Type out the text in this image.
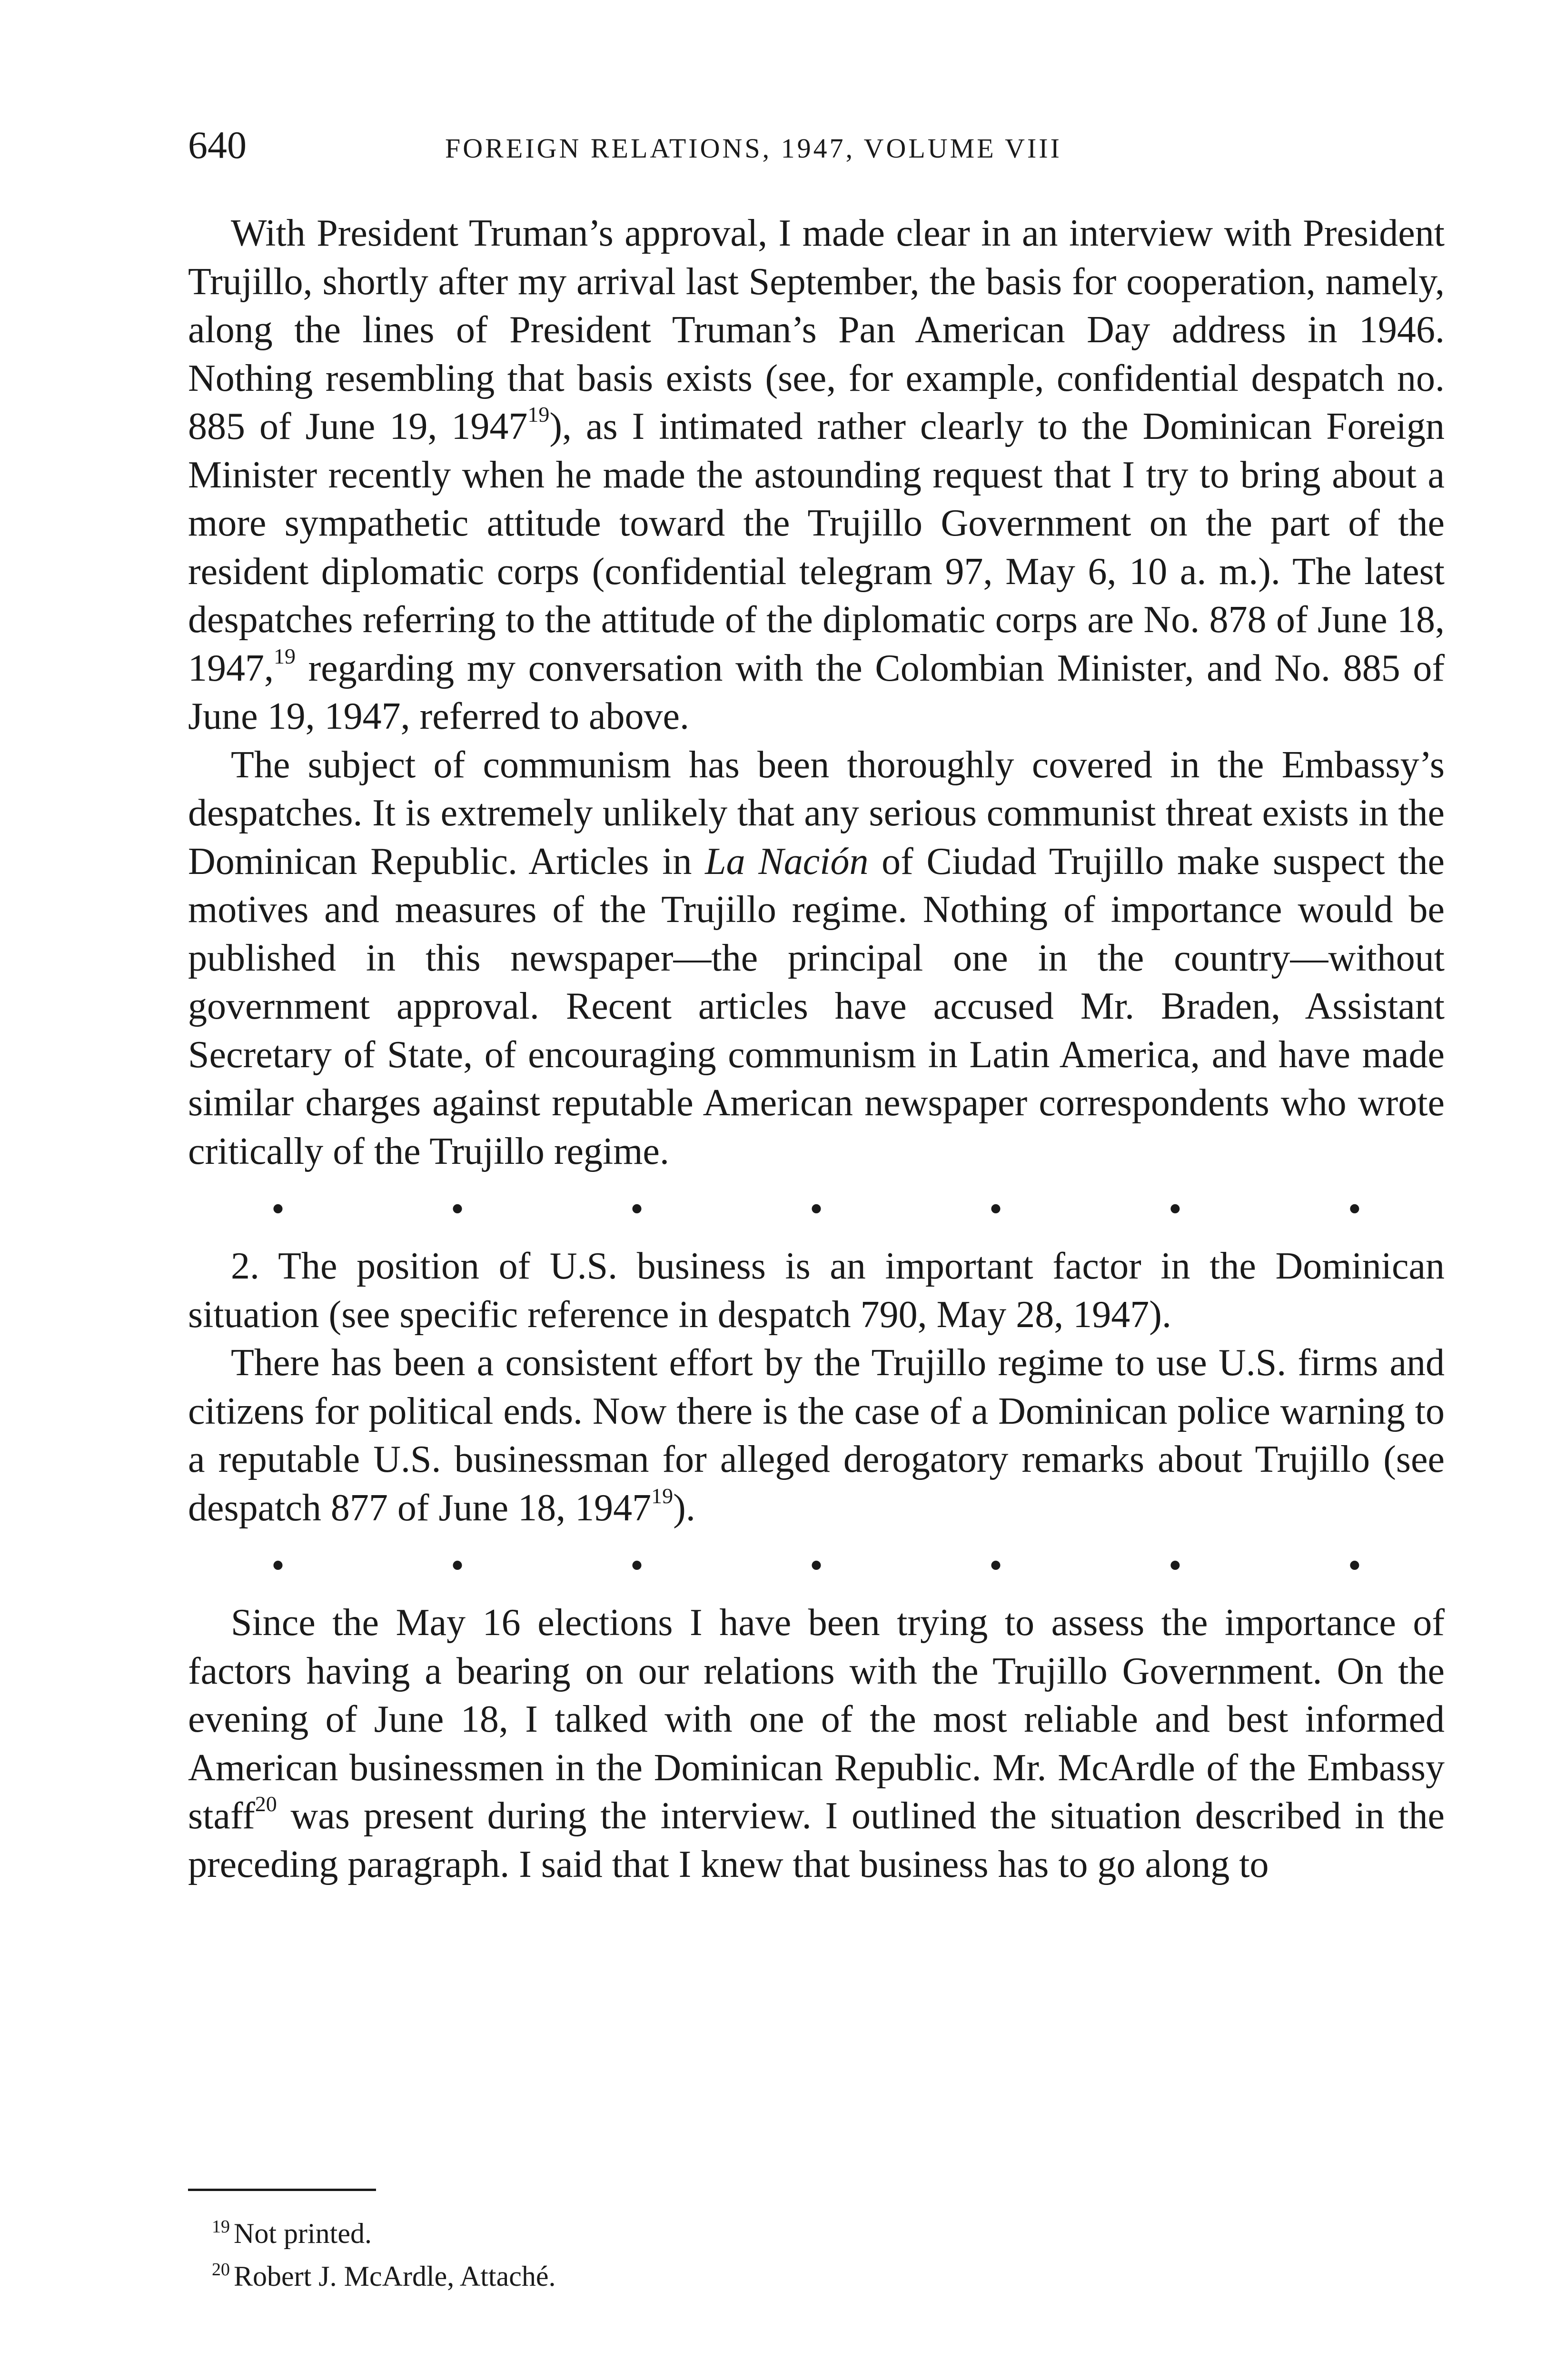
640	FOREIGN RELATIONS, 1947, VOLUME VIII

With President Truman’s approval, I made clear in an interview with President Trujillo, shortly after my arrival last September, the basis for cooperation, namely, along the lines of President Truman’s Pan American Day address in 1946. Nothing resembling that basis exists (see, for example, confidential despatch no. 885 of June 19, 1947$^{19}$), as I intimated rather clearly to the Dominican Foreign Minister recently when he made the astounding request that I try to bring about a more sympathetic attitude toward the Trujillo Government on the part of the resident diplomatic corps (confidential telegram 97, May 6, 10 a. m.). The latest despatches referring to the attitude of the diplomatic corps are No. 878 of June 18, 1947,19 regarding my conversation with the Colombian Minister, and No. 885 of June 19, 1947, referred to above.

The subject of communism has been thoroughly covered in the Embassy’s despatches. It is extremely unlikely that any serious communist threat exists in the Dominican Republic. Articles in La Nación of Ciudad Trujillo make suspect the motives and measures of the Trujillo regime. Nothing of importance would be published in this newspaper—the principal one in the country—without government approval. Recent articles have accused Mr. Braden, Assistant Secretary of State, of encouraging communism in Latin America, and have made similar charges against reputable American newspaper correspondents who wrote critically of the Trujillo regime.

•	•	•	•	•	•	•

2. The position of U.S. business is an important factor in the Dominican situation (see specific reference in despatch 790, May 28, 1947).

There has been a consistent effort by the Trujillo regime to use U.S. firms and citizens for political ends. Now there is the case of a Dominican police warning to a reputable U.S. businessman for alleged derogatory remarks about Trujillo (see despatch 877 of June 18, 1947$^{19}$).

•	•	•	•	•	•	•

Since the May 16 elections I have been trying to assess the importance of factors having a bearing on our relations with the Trujillo Government. On the evening of June 18, I talked with one of the most reliable and best informed American businessmen in the Dominican Republic. Mr. McArdle of the Embassy staff$^{20}$ was present during the interview. I outlined the situation described in the preceding paragraph. I said that I knew that business has to go along to

$^{19}$ Not printed.

$^{20}$ Robert J. McArdle, Attaché.
